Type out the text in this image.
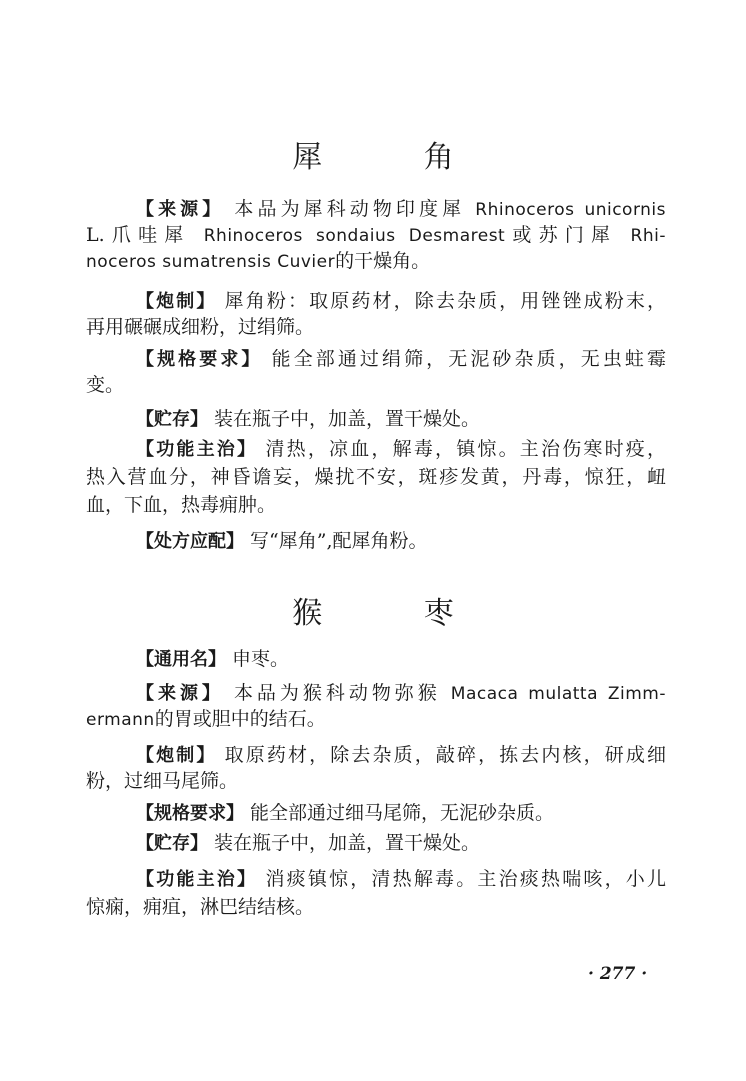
犀 角
【来源】 本品为犀科动物印度犀 Rhinoceros unicornis
L.爪哇犀 Rhinoceros sondaius Desmarest或苏门犀 Rhi-
noceros sumatrensis Cuvier的干燥角。
【炮制】 犀角粉：取原药材，除去杂质，用锉锉成粉末，
再用碾碾成细粉，过绢筛。
【规格要求】 能全部通过绢筛，无泥砂杂质，无虫蛀霉
变。
【贮存】 装在瓶子中，加盖，置干燥处。
【功能主治】 清热，凉血，解毒，镇惊。主治伤寒时疫，
热入营血分，神昏谵妄，燥扰不安，斑疹发黄，丹毒，惊狂，衄
血，下血，热毒痈肿。
【处方应配】 写“犀角”,配犀角粉。
猴 枣
【通用名】 申枣。
【来源】 本品为猴科动物弥猴 Macaca mulatta Zimm-
ermann的胃或胆中的结石。
【炮制】 取原药材，除去杂质，敲碎，拣去内核，研成细
粉，过细马尾筛。
【规格要求】 能全部通过细马尾筛，无泥砂杂质。
【贮存】 装在瓶子中，加盖，置干燥处。
【功能主治】 消痰镇惊，清热解毒。主治痰热喘咳，小儿
惊痫，痈疽，淋巴结结核。
· 277 ·
